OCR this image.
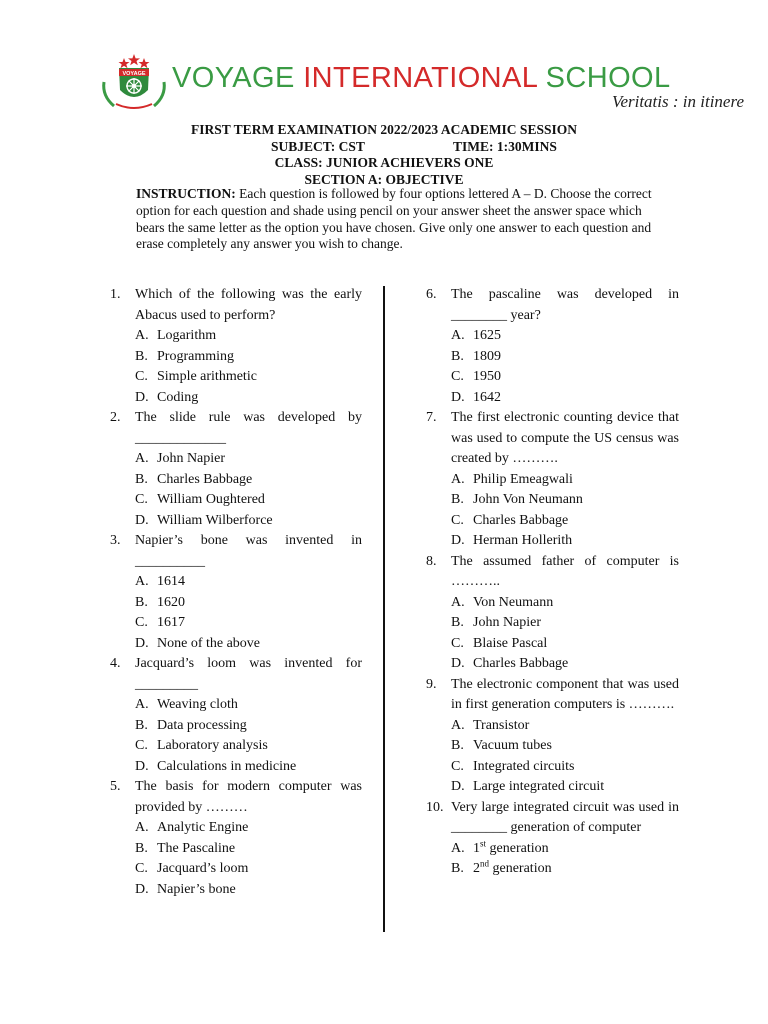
VOYAGE VOYAGE INTERNATIONAL SCHOOL
Veritatis : in itinere
FIRST TERM EXAMINATION 2022/2023 ACADEMIC SESSION
SUBJECT: CST	TIME: 1:30MINS
CLASS: JUNIOR ACHIEVERS ONE
SECTION A: OBJECTIVE
INSTRUCTION: Each question is followed by four options lettered A – D. Choose the correct option for each question and shade using pencil on your answer sheet the answer space which bears the same letter as the option you have chosen. Give only one answer to each question and erase completely any answer you wish to change.
1. Which of the following was the early Abacus used to perform?
A. Logarithm
B. Programming
C. Simple arithmetic
D. Coding
2. The slide rule was developed by _____________
A. John Napier
B. Charles Babbage
C. William Oughtered
D. William Wilberforce
3. Napier’s bone was invented in __________
A. 1614
B. 1620
C. 1617
D. None of the above
4. Jacquard’s loom was invented for _________
A. Weaving cloth
B. Data processing
C. Laboratory analysis
D. Calculations in medicine
5. The basis for modern computer was provided by ………
A. Analytic Engine
B. The Pascaline
C. Jacquard’s loom
D. Napier’s bone
6. The pascaline was developed in ________ year?
A. 1625
B. 1809
C. 1950
D. 1642
7. The first electronic counting device that was used to compute the US census was created by ……….
A. Philip Emeagwali
B. John Von Neumann
C. Charles Babbage
D. Herman Hollerith
8. The assumed father of computer is ………..
A. Von Neumann
B. John Napier
C. Blaise Pascal
D. Charles Babbage
9. The electronic component that was used in first generation computers is ……….
A. Transistor
B. Vacuum tubes
C. Integrated circuits
D. Large integrated circuit
10. Very large integrated circuit was used in ________ generation of computer
A. 1st generation
B. 2nd generation
